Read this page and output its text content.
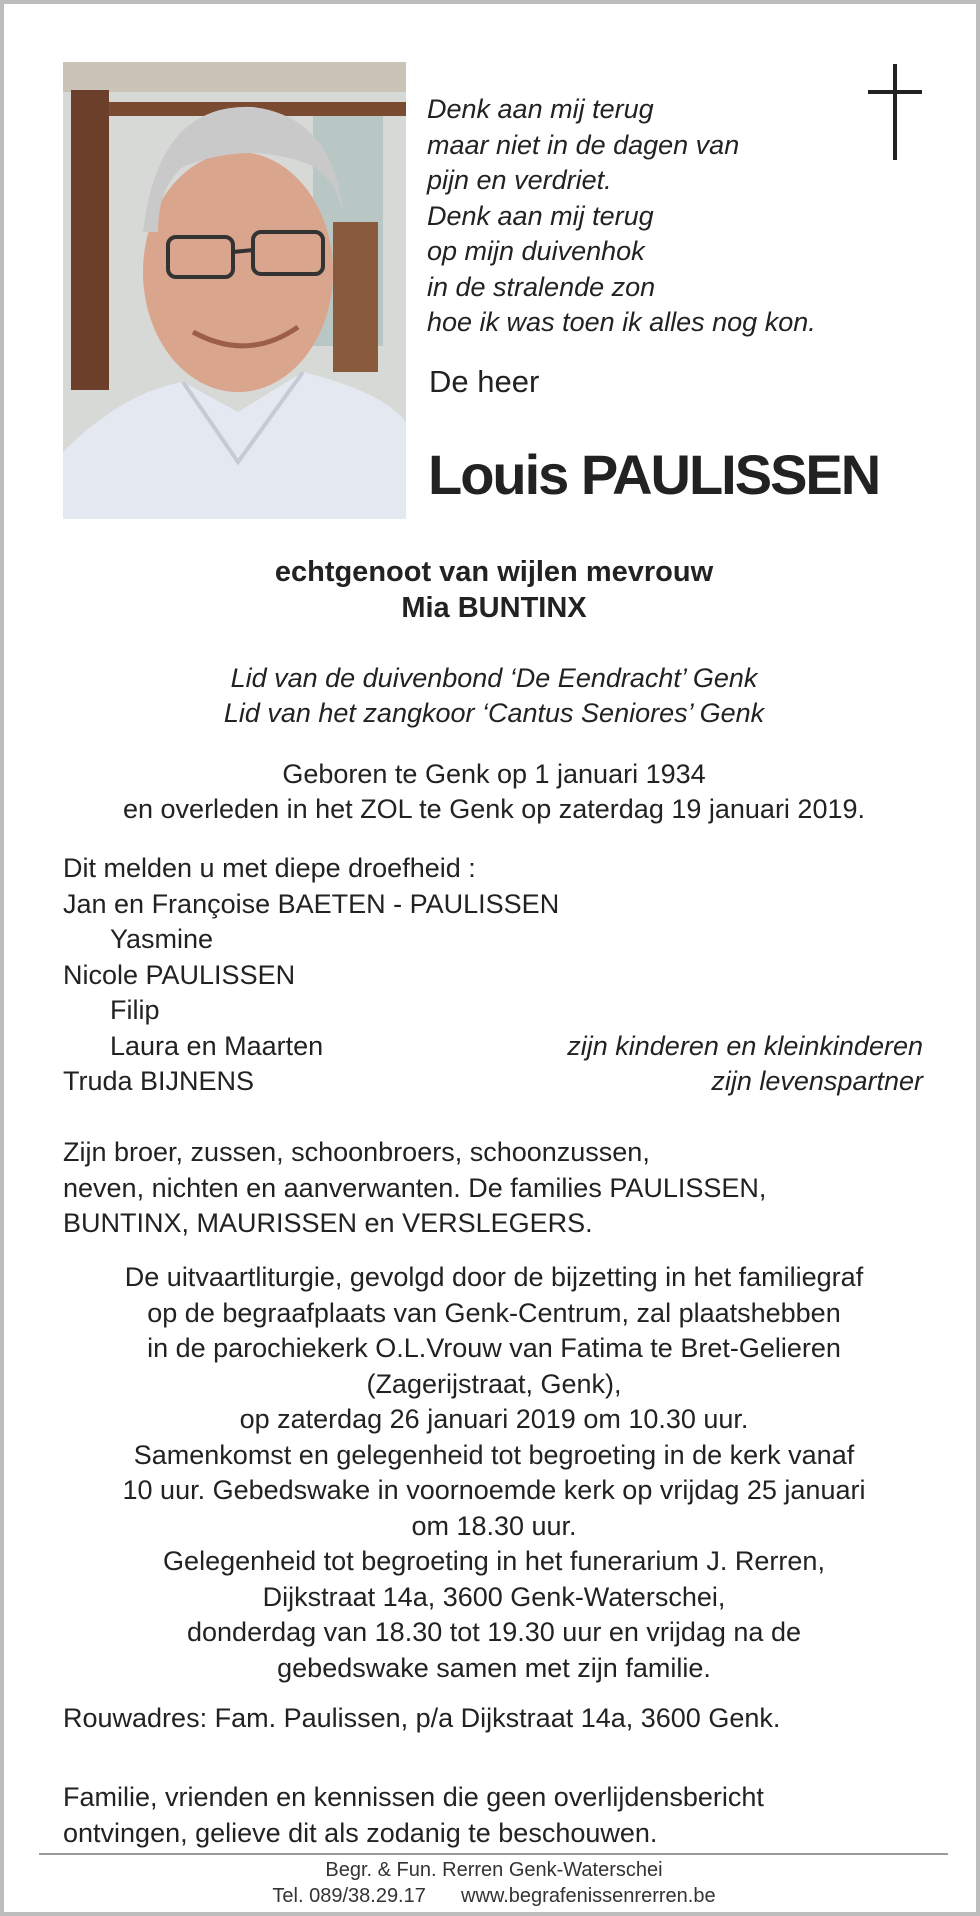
Denk aan mij terug
maar niet in de dagen van
pijn en verdriet.
Denk aan mij terug
op mijn duivenhok
in de stralende zon
hoe ik was toen ik alles nog kon.
De heer
Louis PAULISSEN
echtgenoot van wijlen mevrouw
Mia BUNTINX
Lid van de duivenbond ‘De Eendracht’ Genk
Lid van het zangkoor ‘Cantus Seniores’ Genk
Geboren te Genk op 1 januari 1934
en overleden in het ZOL te Genk op zaterdag 19 januari 2019.
Dit melden u met diepe droefheid :
Jan en Françoise BAETEN - PAULISSEN
Yasmine
Nicole PAULISSEN
Filip
Laura en Maarten	zijn kinderen en kleinkinderen
Truda BIJNENS	zijn levenspartner
Zijn broer, zussen, schoonbroers, schoonzussen,
neven, nichten en aanverwanten. De families PAULISSEN,
BUNTINX, MAURISSEN en VERSLEGERS.
De uitvaartliturgie, gevolgd door de bijzetting in het familiegraf
op de begraafplaats van Genk-Centrum, zal plaatshebben
in de parochiekerk O.L.Vrouw van Fatima te Bret-Gelieren
(Zagerijstraat, Genk),
op zaterdag 26 januari 2019 om 10.30 uur.
Samenkomst en gelegenheid tot begroeting in de kerk vanaf
10 uur. Gebedswake in voornoemde kerk op vrijdag 25 januari
om 18.30 uur.
Gelegenheid tot begroeting in het funerarium J. Rerren,
Dijkstraat 14a, 3600 Genk-Waterschei,
donderdag van 18.30 tot 19.30 uur en vrijdag na de
gebedswake samen met zijn familie.
Rouwadres: Fam. Paulissen, p/a Dijkstraat 14a, 3600 Genk.
Familie, vrienden en kennissen die geen overlijdensbericht
ontvingen, gelieve dit als zodanig te beschouwen.
Begr. & Fun. Rerren Genk-Waterschei
Tel. 089/38.29.17 www.begrafenissenrerren.be
